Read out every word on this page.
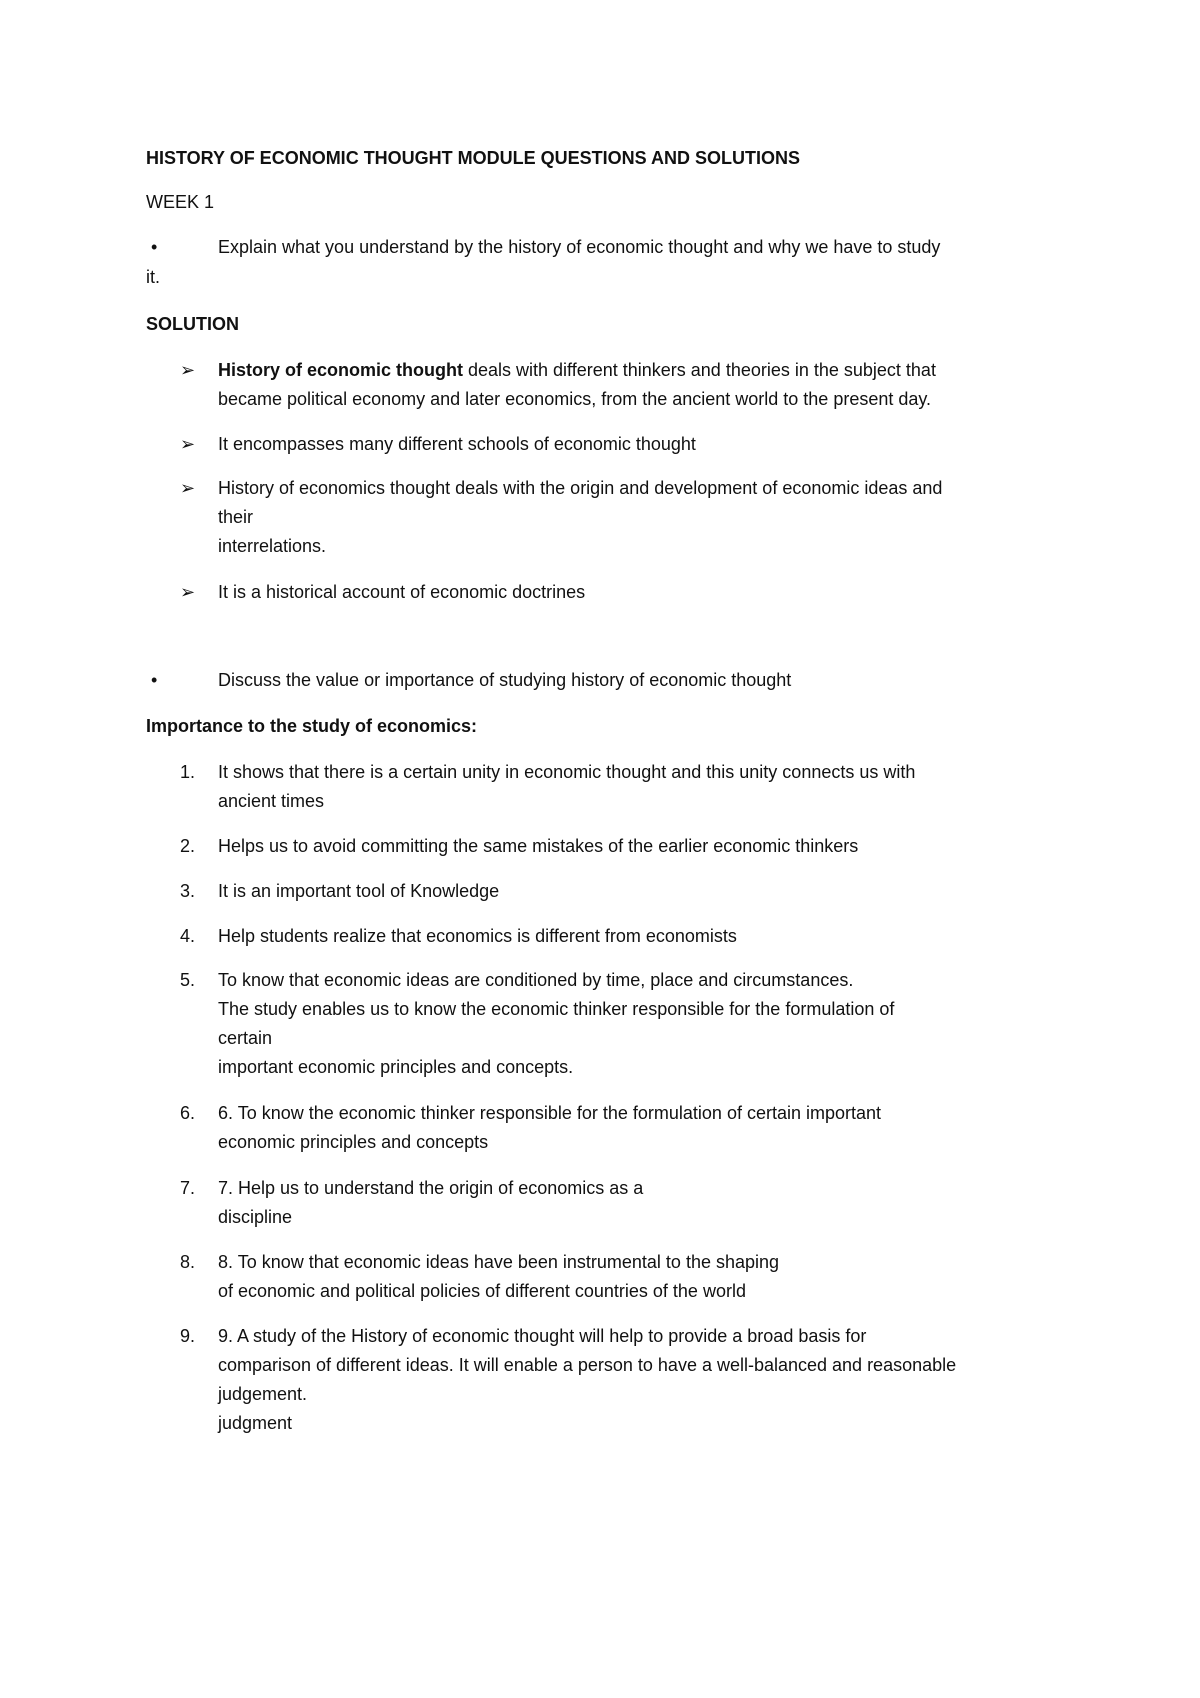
HISTORY OF ECONOMIC THOUGHT MODULE QUESTIONS AND SOLUTIONS
WEEK 1
•	Explain what you understand by the history of economic thought and why we have to study
it.
SOLUTION
➢	History of economic thought deals with different thinkers and theories in the subject that
became political economy and later economics, from the ancient world to the present day.
➢	It encompasses many different schools of economic thought
➢	History of economics thought deals with the origin and development of economic ideas and
their
interrelations.
➢	It is a historical account of economic doctrines
•	Discuss the value or importance of studying history of economic thought
Importance to the study of economics:
1.	It shows that there is a certain unity in economic thought and this unity connects us with
ancient times
2.	Helps us to avoid committing the same mistakes of the earlier economic thinkers
3.	It is an important tool of Knowledge
4.	Help students realize that economics is different from economists
5.	To know that economic ideas are conditioned by time, place and circumstances.
The study enables us to know the economic thinker responsible for the formulation of
certain
important economic principles and concepts.
6.	6. To know the economic thinker responsible for the formulation of certain important
economic principles and concepts
7.	7. Help us to understand the origin of economics as a
discipline
8.	8. To know that economic ideas have been instrumental to the shaping
of economic and political policies of different countries of the world
9.	9. A study of the History of economic thought will help to provide a broad basis for
comparison of different ideas. It will enable a person to have a well-balanced and reasonable
judgement.
judgment
